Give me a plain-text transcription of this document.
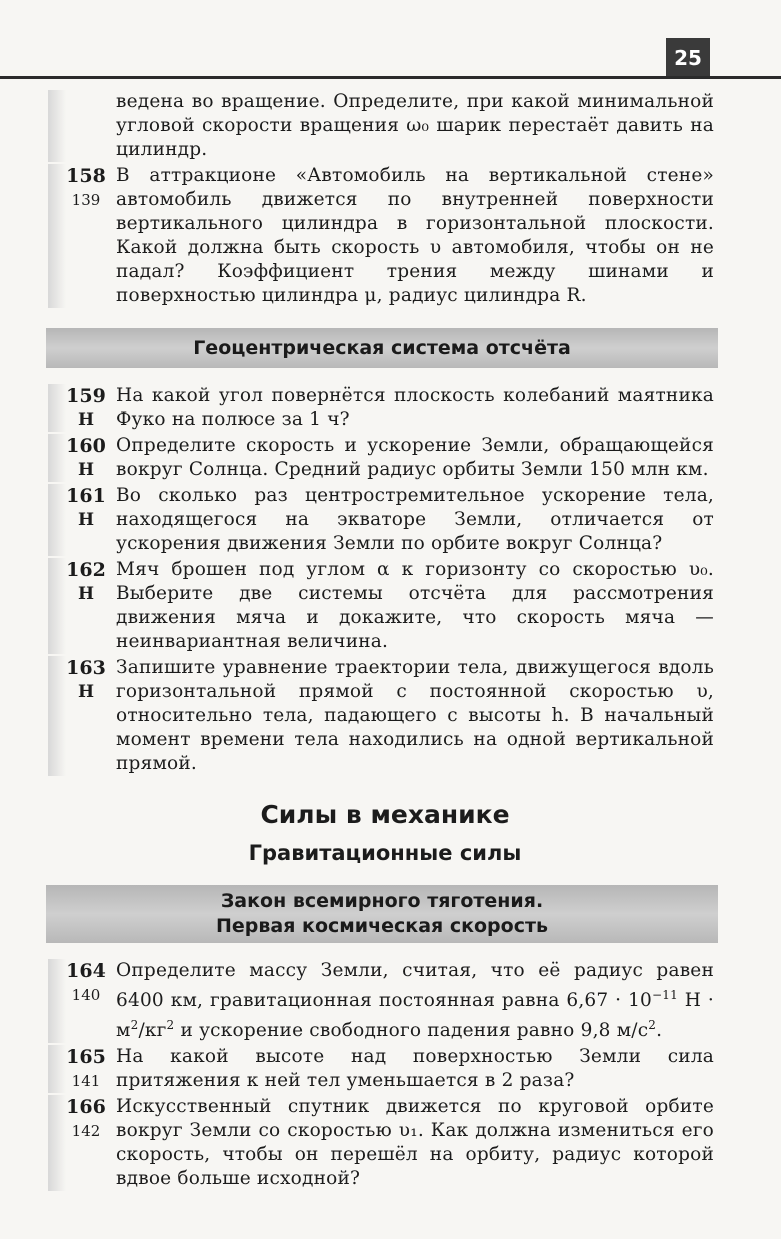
25
ведена во вращение. Определите, при какой минимальной угловой скорости вращения ω₀ шарик перестаёт давить на цилиндр.
158
139
В аттракционе «Автомобиль на вертикальной стене» автомобиль движется по внутренней поверхности вертикального цилиндра в горизонтальной плоскости. Какой должна быть скорость υ автомобиля, чтобы он не падал? Коэффициент трения между шинами и поверхностью цилиндра μ, радиус цилиндра R.
Геоцентрическая система отсчёта
159
Н
На какой угол повернётся плоскость колебаний маятника Фуко на полюсе за 1 ч?
160
Н
Определите скорость и ускорение Земли, обращающейся вокруг Солнца. Средний радиус орбиты Земли 150 млн км.
161
Н
Во сколько раз центростремительное ускорение тела, находящегося на экваторе Земли, отличается от ускорения движения Земли по орбите вокруг Солнца?
162
Н
Мяч брошен под углом α к горизонту со скоростью υ₀. Выберите две системы отсчёта для рассмотрения движения мяча и докажите, что скорость мяча — неинвариантная величина.
163
Н
Запишите уравнение траектории тела, движущегося вдоль горизонтальной прямой с постоянной скоростью υ, относительно тела, падающего с высоты h. В начальный момент времени тела находились на одной вертикальной прямой.
Силы в механике
Гравитационные силы
Закон всемирного тяготения.
Первая космическая скорость
164
140
Определите массу Земли, считая, что её радиус равен 6400 км, гравитационная постоянная равна $6,67 \cdot 10^{-11}$ $Н \cdot м^2/кг^2$ и ускорение свободного падения равно 9,8 $м/с^2$.
165
141
На какой высоте над поверхностью Земли сила притяжения к ней тел уменьшается в 2 раза?
166
142
Искусственный спутник движется по круговой орбите вокруг Земли со скоростью υ₁. Как должна измениться его скорость, чтобы он перешёл на орбиту, радиус которой вдвое больше исходной?
